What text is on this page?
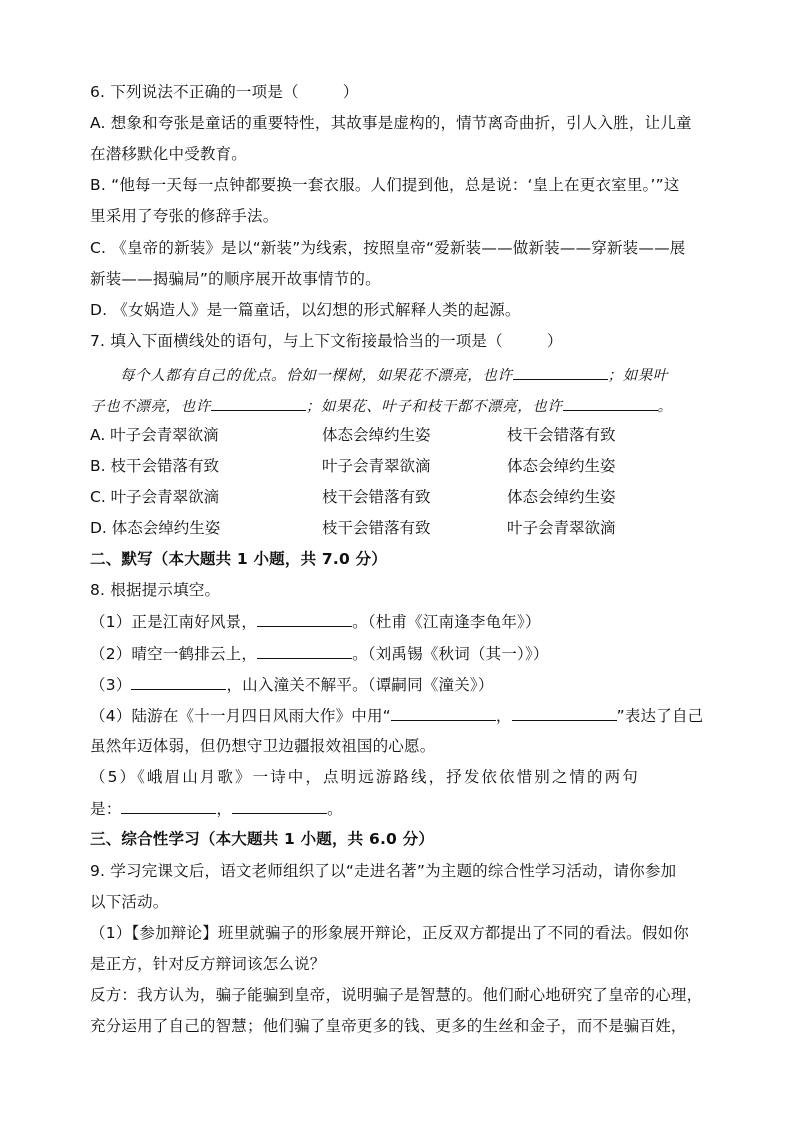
6. 下列说法不正确的一项是（	）
A. 想象和夸张是童话的重要特性，其故事是虚构的，情节离奇曲折，引人入胜，让儿童
在潜移默化中受教育。
B. “他每一天每一点钟都要换一套衣服。人们提到他，总是说：‘皇上在更衣室里。’”这
里采用了夸张的修辞手法。
C. 《皇帝的新装》是以“新装”为线索，按照皇帝“爱新装——做新装——穿新装——展
新装——揭骗局”的顺序展开故事情节的。
D. 《女娲造人》是一篇童话，以幻想的形式解释人类的起源。
7. 填入下面横线处的语句，与上下文衔接最恰当的一项是（	）
每个人都有自己的优点。恰如一棵树，如果花不漂亮，也许	；如果叶
子也不漂亮，也许	；如果花、叶子和枝干都不漂亮，也许	。
A. 叶子会青翠欲滴	体态会绰约生姿	枝干会错落有致
B. 枝干会错落有致	叶子会青翠欲滴	体态会绰约生姿
C. 叶子会青翠欲滴	枝干会错落有致	体态会绰约生姿
D. 体态会绰约生姿	枝干会错落有致	叶子会青翠欲滴
二、默写（本大题共 1 小题，共 7.0 分）
8. 根据提示填空。
（1）正是江南好风景，	。（杜甫《江南逢李龟年》）
（2）晴空一鹤排云上，	。（刘禹锡《秋词（其一）》）
（3）	，山入潼关不解平。（谭嗣同《潼关》）
（4）陆游在《十一月四日风雨大作》中用“	，	”表达了自己
虽然年迈体弱，但仍想守卫边疆报效祖国的心愿。
（5）《峨眉山月歌》一诗中，点明远游路线，抒发依依惜别之情的两句
是：	，	。
三、综合性学习（本大题共 1 小题，共 6.0 分）
9. 学习完课文后，语文老师组织了以“走进名著”为主题的综合性学习活动，请你参加
以下活动。
（1）【参加辩论】班里就骗子的形象展开辩论，正反双方都提出了不同的看法。假如你
是正方，针对反方辩词该怎么说？
反方：我方认为，骗子能骗到皇帝，说明骗子是智慧的。他们耐心地研究了皇帝的心理，
充分运用了自己的智慧；他们骗了皇帝更多的钱、更多的生丝和金子，而不是骗百姓，
